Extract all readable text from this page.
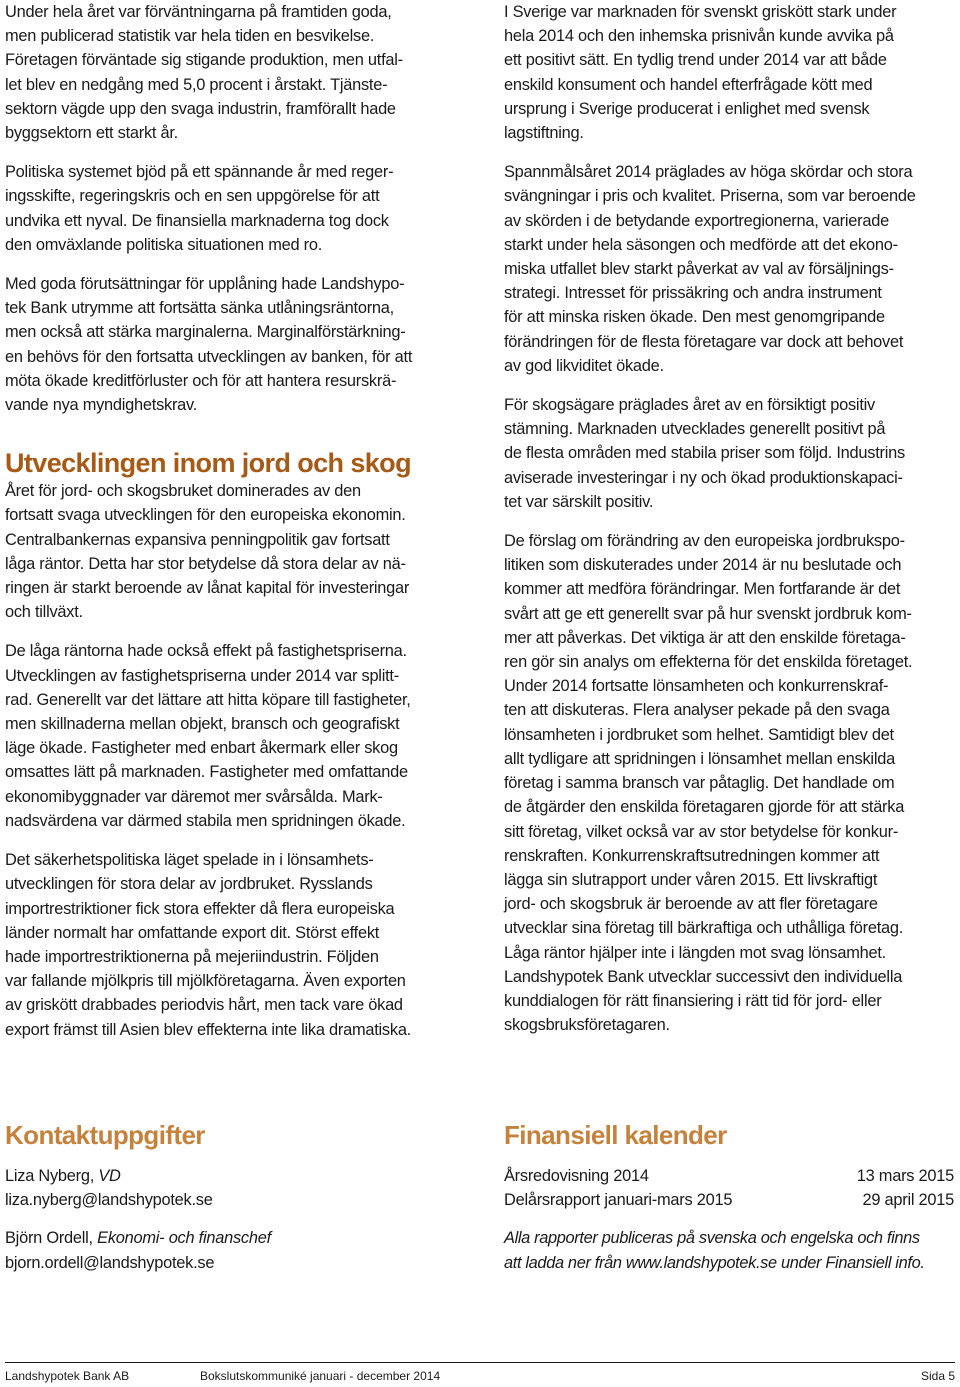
Under hela året var förväntningarna på framtiden goda,
men publicerad statistik var hela tiden en besvikelse.
Företagen förväntade sig stigande produktion, men utfal-
let blev en nedgång med 5,0 procent i årstakt. Tjänste-
sektorn vägde upp den svaga industrin, framförallt hade
byggsektorn ett starkt år.

Politiska systemet bjöd på ett spännande år med reger-
ingsskifte, regeringskris och en sen uppgörelse för att
undvika ett nyval. De finansiella marknaderna tog dock
den omväxlande politiska situationen med ro.

Med goda förutsättningar för upplåning hade Landshypo-
tek Bank utrymme att fortsätta sänka utlåningsräntorna,
men också att stärka marginalerna. Marginalförstärkning-
en behövs för den fortsatta utvecklingen av banken, för att
möta ökade kreditförluster och för att hantera resurskrä-
vande nya myndighetskrav.

Utvecklingen inom jord och skog

Året för jord- och skogsbruket dominerades av den
fortsatt svaga utvecklingen för den europeiska ekonomin.
Centralbankernas expansiva penningpolitik gav fortsatt
låga räntor. Detta har stor betydelse då stora delar av nä-
ringen är starkt beroende av lånat kapital för investeringar
och tillväxt.

De låga räntorna hade också effekt på fastighetspriserna.
Utvecklingen av fastighetspriserna under 2014 var splitt-
rad. Generellt var det lättare att hitta köpare till fastigheter,
men skillnaderna mellan objekt, bransch och geografiskt
läge ökade. Fastigheter med enbart åkermark eller skog
omsattes lätt på marknaden. Fastigheter med omfattande
ekonomibyggnader var däremot mer svårsålda. Mark-
nadsvärdena var därmed stabila men spridningen ökade.

Det säkerhetspolitiska läget spelade in i lönsamhets-
utvecklingen för stora delar av jordbruket. Rysslands
importrestriktioner fick stora effekter då flera europeiska
länder normalt har omfattande export dit. Störst effekt
hade importrestriktionerna på mejeriindustrin. Följden
var fallande mjölkpris till mjölkföretagarna. Även exporten
av griskött drabbades periodvis hårt, men tack vare ökad
export främst till Asien blev effekterna inte lika dramatiska.

I Sverige var marknaden för svenskt griskött stark under
hela 2014 och den inhemska prisnivån kunde avvika på
ett positivt sätt. En tydlig trend under 2014 var att både
enskild konsument och handel efterfrågade kött med
ursprung i Sverige producerat i enlighet med svensk
lagstiftning.

Spannmålsåret 2014 präglades av höga skördar och stora
svängningar i pris och kvalitet. Priserna, som var beroende
av skörden i de betydande exportregionerna, varierade
starkt under hela säsongen och medförde att det ekono-
miska utfallet blev starkt påverkat av val av försäljnings-
strategi. Intresset för prissäkring och andra instrument
för att minska risken ökade. Den mest genomgripande
förändringen för de flesta företagare var dock att behovet
av god likviditet ökade.

För skogsägare präglades året av en försiktigt positiv
stämning. Marknaden utvecklades generellt positivt på
de flesta områden med stabila priser som följd. Industrins
aviserade investeringar i ny och ökad produktionskapaci-
tet var särskilt positiv.

De förslag om förändring av den europeiska jordbrukspo-
litiken som diskuterades under 2014 är nu beslutade och
kommer att medföra förändringar. Men fortfarande är det
svårt att ge ett generellt svar på hur svenskt jordbruk kom-
mer att påverkas. Det viktiga är att den enskilde företaga-
ren gör sin analys om effekterna för det enskilda företaget.
Under 2014 fortsatte lönsamheten och konkurrenskraf-
ten att diskuteras. Flera analyser pekade på den svaga
lönsamheten i jordbruket som helhet. Samtidigt blev det
allt tydligare att spridningen i lönsamhet mellan enskilda
företag i samma bransch var påtaglig. Det handlade om
de åtgärder den enskilda företagaren gjorde för att stärka
sitt företag, vilket också var av stor betydelse för konkur-
renskraften. Konkurrenskraftsutredningen kommer att
lägga sin slutrapport under våren 2015. Ett livskraftigt
jord- och skogsbruk är beroende av att fler företagare
utvecklar sina företag till bärkraftiga och uthålliga företag.
Låga räntor hjälper inte i längden mot svag lönsamhet.
Landshypotek Bank utvecklar successivt den individuella
kunddialogen för rätt finansiering i rätt tid för jord- eller
skogsbruksföretagaren.

Kontaktuppgifter
Liza Nyberg, VD
liza.nyberg@landshypotek.se
Björn Ordell, Ekonomi- och finanschef
bjorn.ordell@landshypotek.se
Finansiell kalender
Årsredovisning 2014	13 mars 2015
Delårsrapport januari-mars 2015	29 april 2015
Alla rapporter publiceras på svenska och engelska och finns
att ladda ner från www.landshypotek.se under Finansiell info.
Landshypotek Bank AB	Bokslutskommuniké januari - december 2014	Sida 5
